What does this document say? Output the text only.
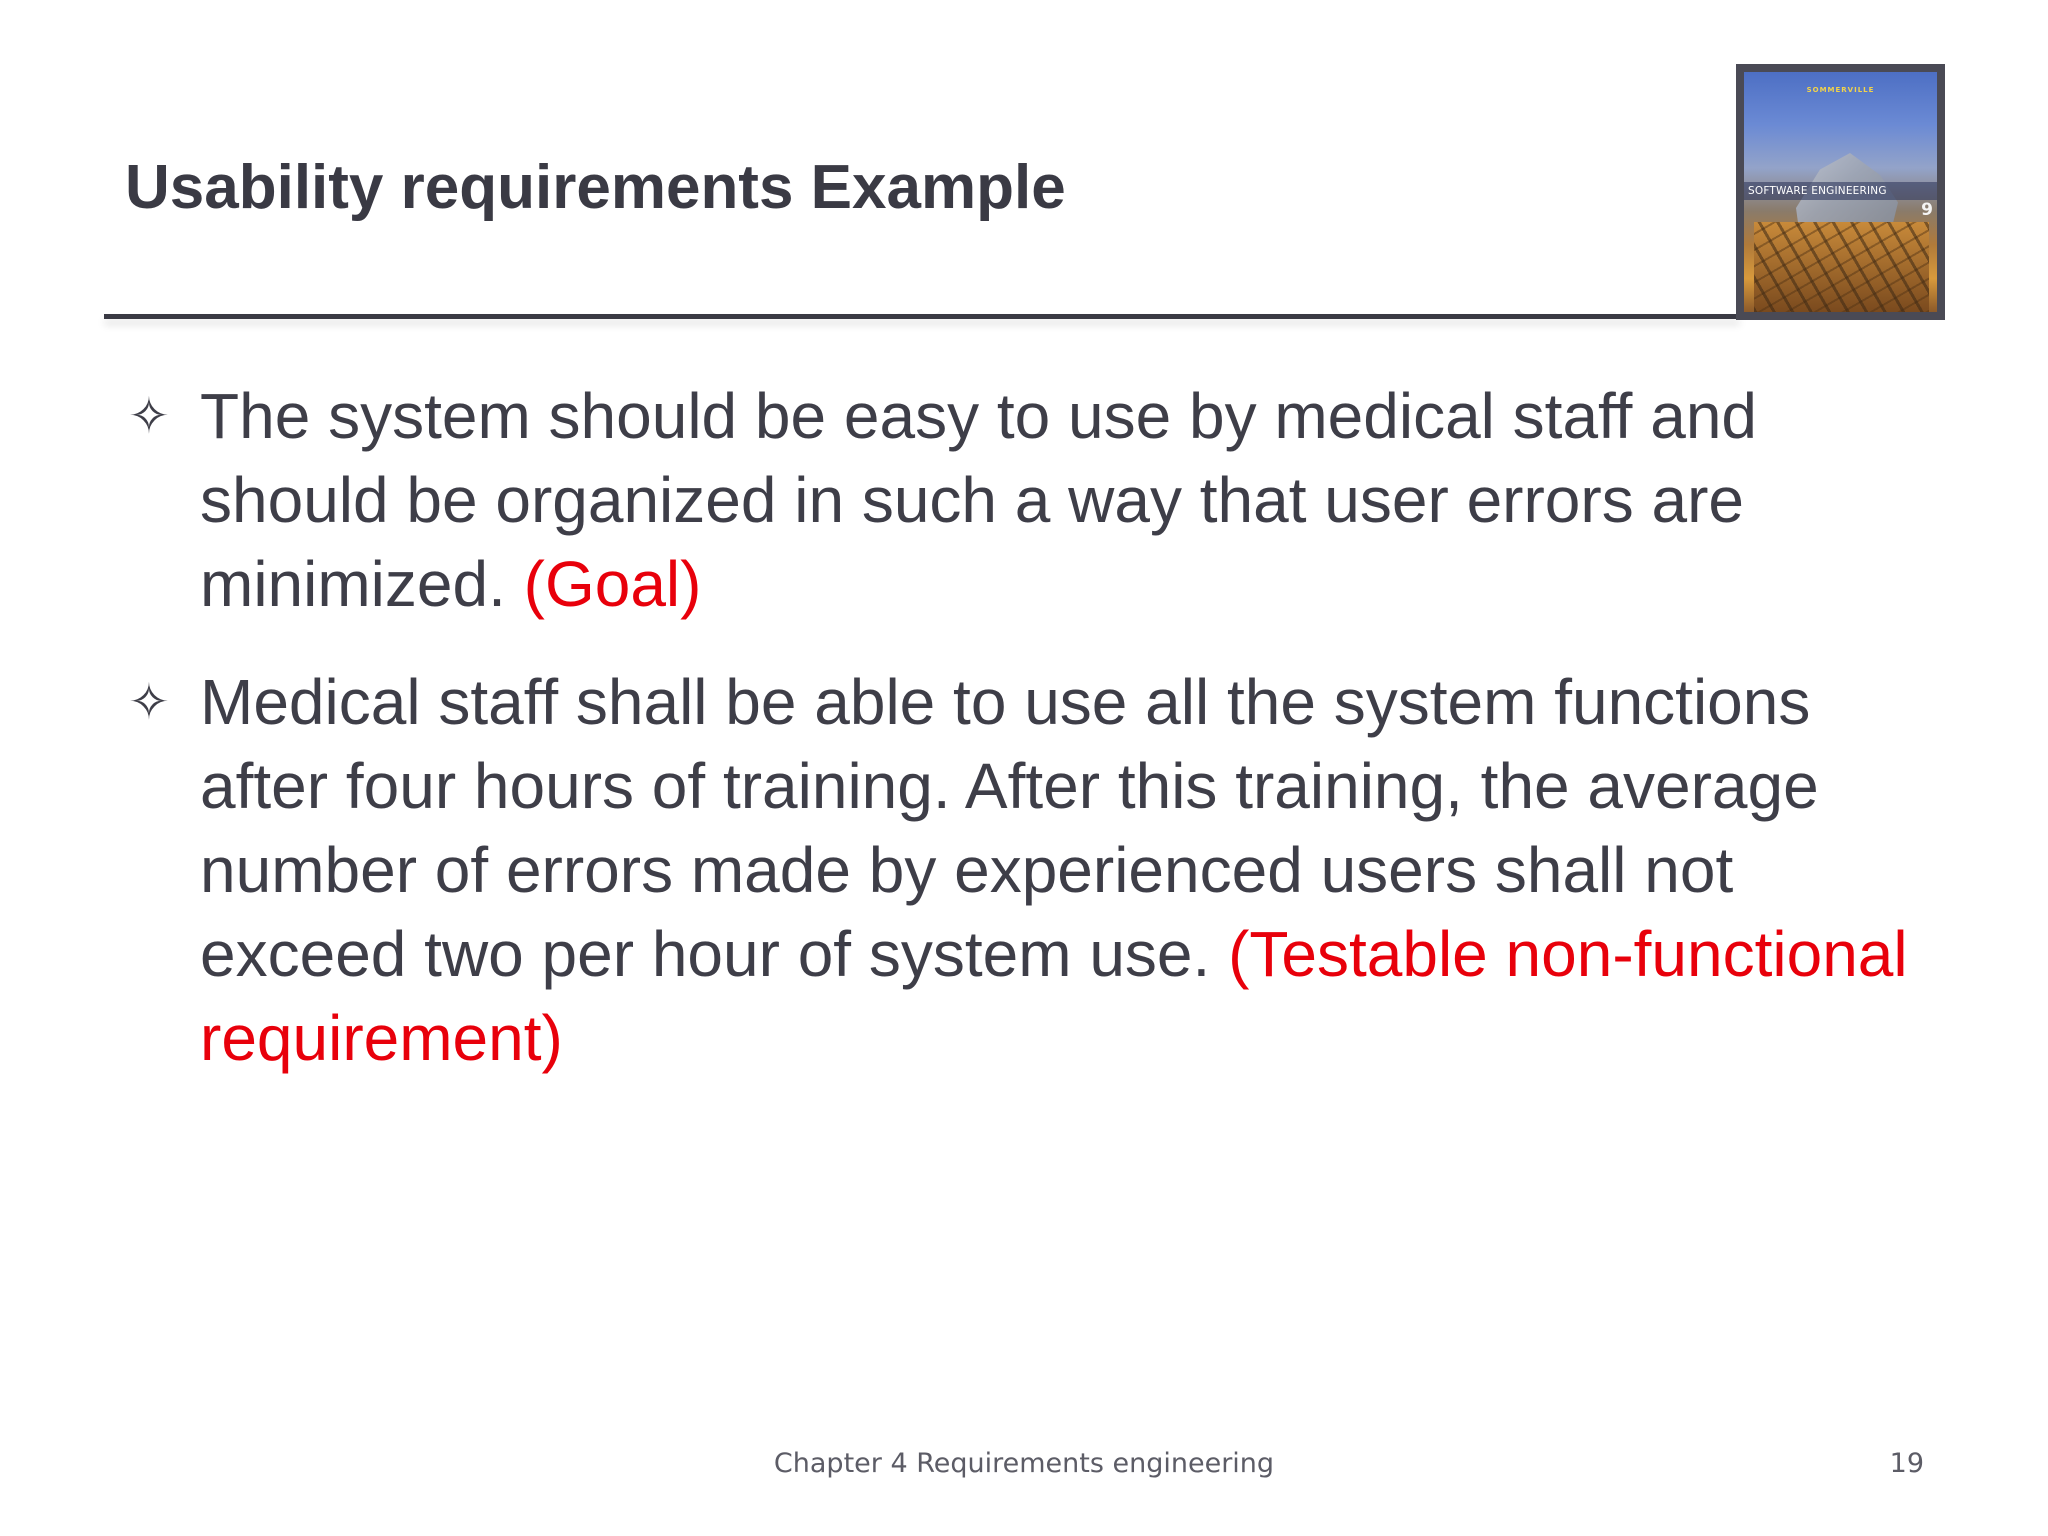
Usability requirements Example
SOMMERVILLE
SOFTWARE ENGINEERING
9
✧ The system should be easy to use by medical staff and should be organized in such a way that user errors are minimized. (Goal)
✧ Medical staff shall be able to use all the system functions after four hours of training. After this training, the average number of errors made by experienced users shall not exceed two per hour of system use. (Testable non-functional requirement)
Chapter 4 Requirements engineering	19
